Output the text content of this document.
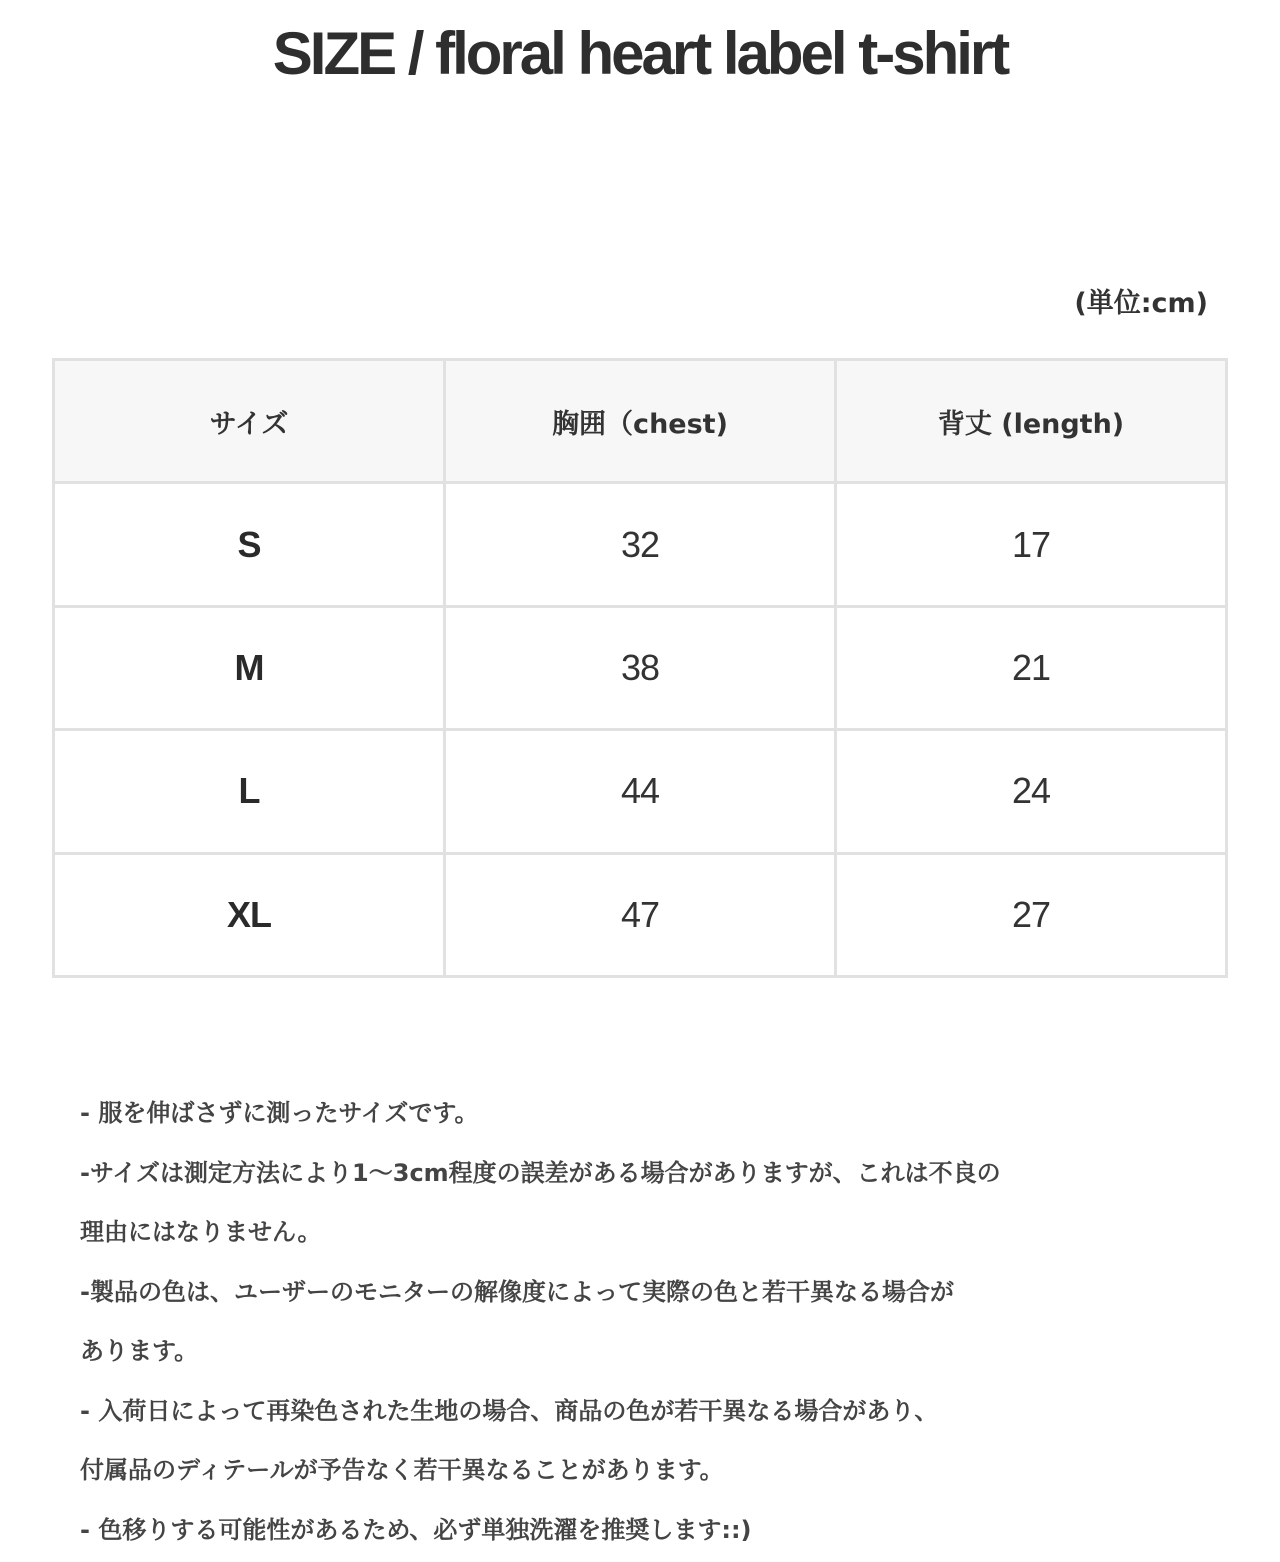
SIZE / floral heart label t-shirt
(単位:cm)
サイズ	胸囲（chest)	背丈 (length)
S	32	17
M	38	21
L	44	24
XL	47	27
- 服を伸ばさずに測ったサイズです。
-サイズは測定方法により1～3cm程度の誤差がある場合がありますが、これは不良の
理由にはなりません。
-製品の色は、ユーザーのモニターの解像度によって実際の色と若干異なる場合が
あります。
- 入荷日によって再染色された生地の場合、商品の色が若干異なる場合があり、
付属品のディテールが予告なく若干異なることがあります。
- 色移りする可能性があるため、必ず単独洗濯を推奨します::)
